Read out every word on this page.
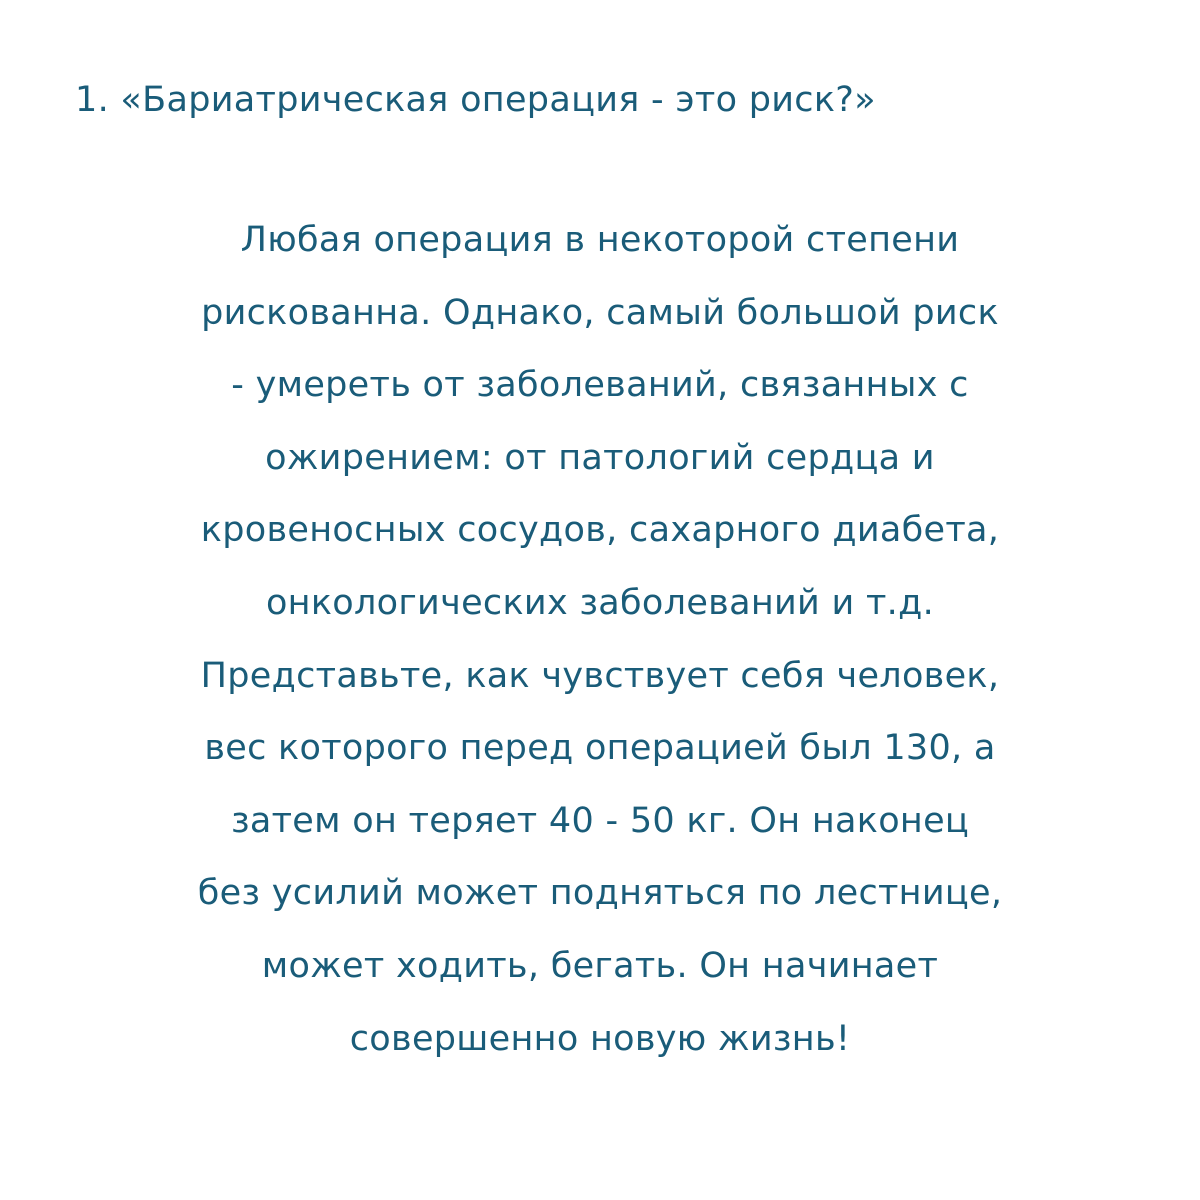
1. «Бариатрическая операция - это риск?»
Любая операция в некоторой степени
рискованна. Однако, самый большой риск
- умереть от заболеваний, связанных с
ожирением: от патологий сердца и
кровеносных сосудов, сахарного диабета,
онкологических заболеваний и т.д.
Представьте, как чувствует себя человек,
вес которого перед операцией был 130, а
затем он теряет 40 - 50 кг. Он наконец
без усилий может подняться по лестнице,
может ходить, бегать. Он начинает
совершенно новую жизнь!
